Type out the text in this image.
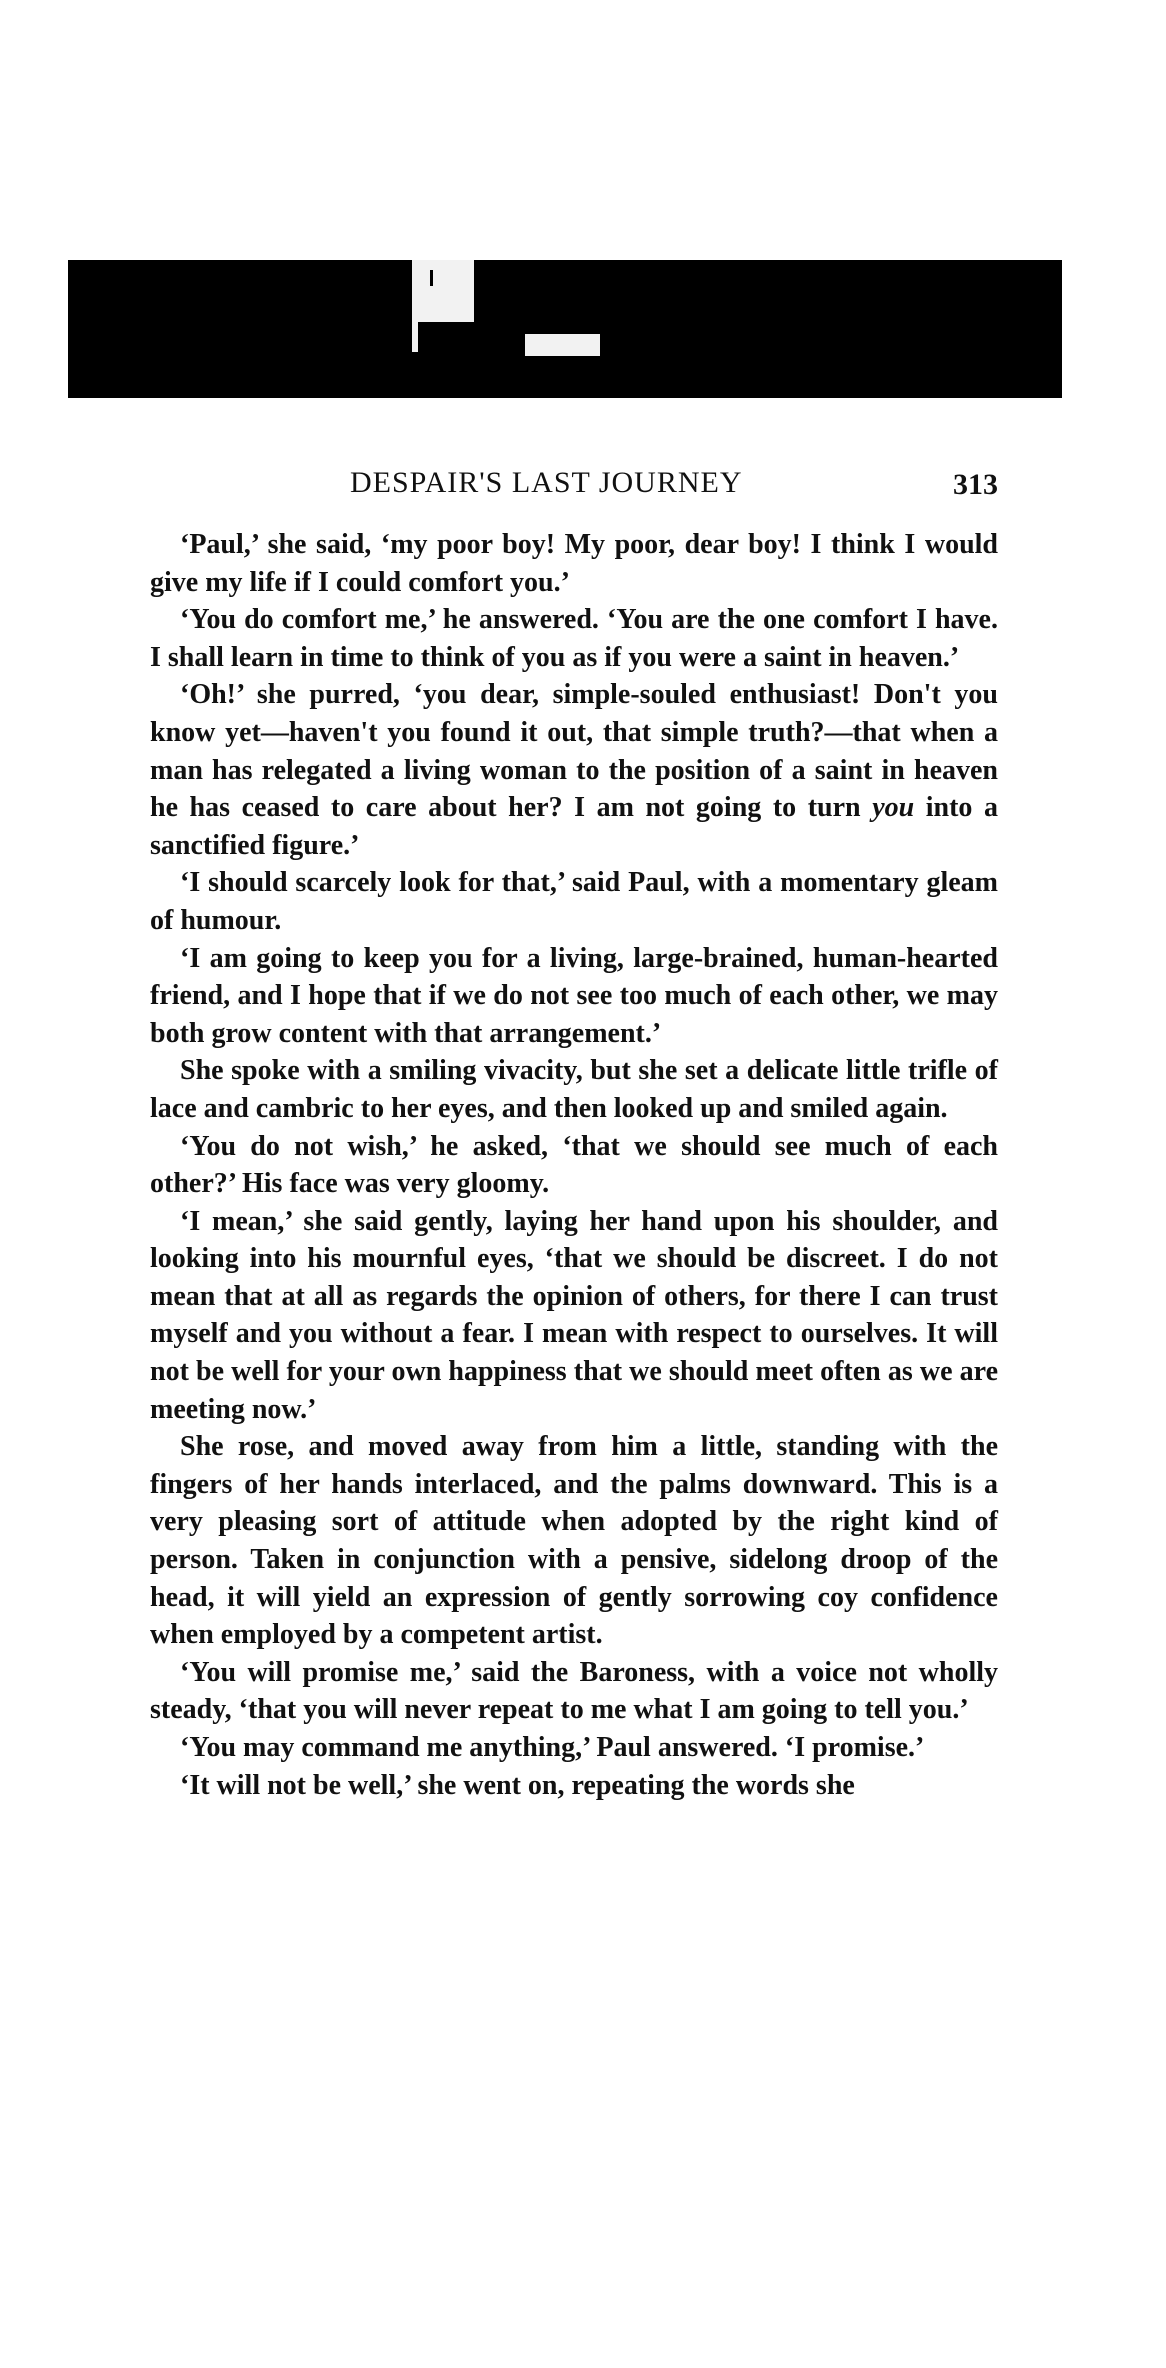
DESPAIR'S LAST JOURNEY	313

‘Paul,’ she said, ‘my poor boy! My poor, dear boy! I think I would give my life if I could comfort you.’

‘You do comfort me,’ he answered. ‘You are the one comfort I have. I shall learn in time to think of you as if you were a saint in heaven.’

‘Oh!’ she purred, ‘you dear, simple-souled enthusiast! Don't you know yet—haven't you found it out, that simple truth?—that when a man has relegated a living woman to the position of a saint in heaven he has ceased to care about her? I am not going to turn you into a sanctified figure.’

‘I should scarcely look for that,’ said Paul, with a momentary gleam of humour.

‘I am going to keep you for a living, large-brained, human-hearted friend, and I hope that if we do not see too much of each other, we may both grow content with that arrangement.’

She spoke with a smiling vivacity, but she set a delicate little trifle of lace and cambric to her eyes, and then looked up and smiled again.

‘You do not wish,’ he asked, ‘that we should see much of each other?’ His face was very gloomy.

‘I mean,’ she said gently, laying her hand upon his shoulder, and looking into his mournful eyes, ‘that we should be discreet. I do not mean that at all as regards the opinion of others, for there I can trust myself and you without a fear. I mean with respect to ourselves. It will not be well for your own happiness that we should meet often as we are meeting now.’

She rose, and moved away from him a little, standing with the fingers of her hands interlaced, and the palms downward. This is a very pleasing sort of attitude when adopted by the right kind of person. Taken in conjunction with a pensive, sidelong droop of the head, it will yield an expression of gently sorrowing coy confidence when employed by a competent artist.

‘You will promise me,’ said the Baroness, with a voice not wholly steady, ‘that you will never repeat to me what I am going to tell you.’

‘You may command me anything,’ Paul answered. ‘I promise.’

‘It will not be well,’ she went on, repeating the words she
